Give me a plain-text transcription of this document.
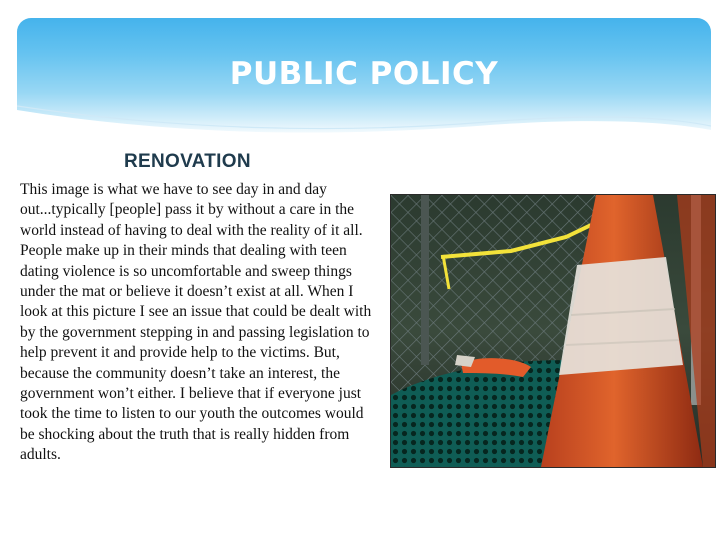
PUBLIC POLICY
RENOVATION
This image is what we have to see day in and day out...typically [people] pass it by without a care in the world instead of having to deal with the reality of it all. People make up in their minds that dealing with teen dating violence is so uncomfortable and sweep things under the mat or believe it doesn’t exist at all. When I look at this picture I see an issue that could be dealt with by the government stepping in and passing legislation to help prevent it and provide help to the victims. But, because the community doesn’t take an interest, the government won’t either. I believe that if everyone just took the time to listen to our youth the outcomes would be shocking about the truth that is really hidden from adults.
